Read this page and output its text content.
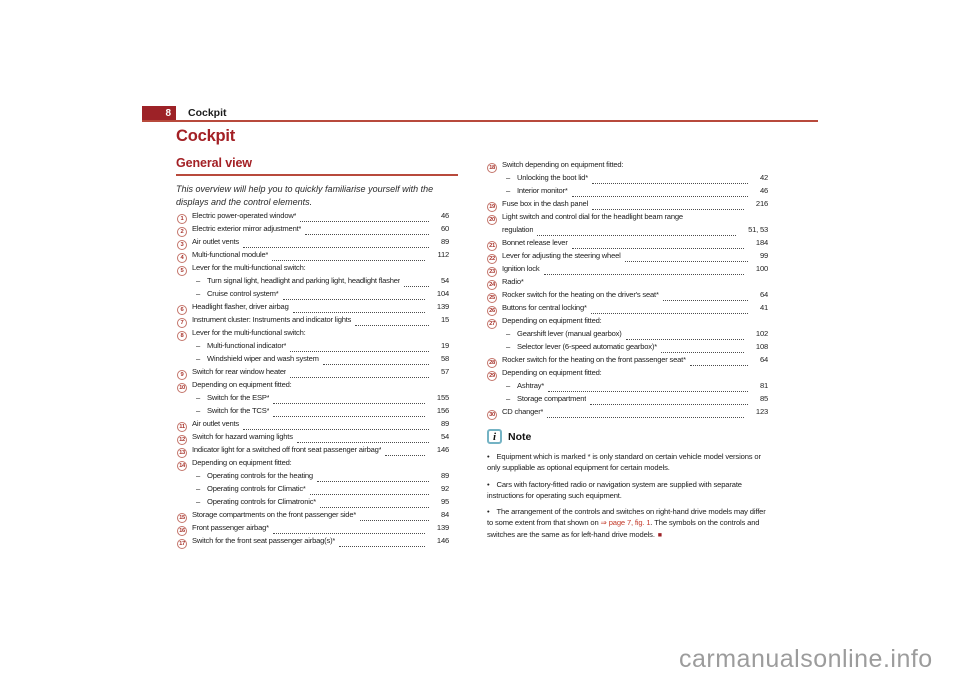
8	Cockpit
Cockpit
General view

This overview will help you to quickly familiarise yourself with the displays and the control elements.

1	Electric power-operated window*	46
2	Electric exterior mirror adjustment*	60
3	Air outlet vents	89
4	Multi-functional module*	112
5	Lever for the multi-functional switch:
– Turn signal light, headlight and parking light, headlight flasher	54
– Cruise control system*	104
6	Headlight flasher, driver airbag	139
7	Instrument cluster: Instruments and indicator lights	15
8	Lever for the multi-functional switch:
– Multi-functional indicator*	19
– Windshield wiper and wash system	58
9	Switch for rear window heater	57
10 Depending on equipment fitted:
– Switch for the ESP*	155
– Switch for the TCS*	156
11 Air outlet vents	89
12 Switch for hazard warning lights	54
13 Indicator light for a switched off front seat passenger airbag*	146
14 Depending on equipment fitted:
– Operating controls for the heating	89
– Operating controls for Climatic*	92
– Operating controls for Climatronic*	95
15 Storage compartments on the front passenger side*	84
16 Front passenger airbag*	139
17 Switch for the front seat passenger airbag(s)*	146
18 Switch depending on equipment fitted:
– Unlocking the boot lid*	42
– Interior monitor*	46
19 Fuse box in the dash panel	216
20 Light switch and control dial for the headlight beam range
regulation	51, 53
21 Bonnet release lever	184
22 Lever for adjusting the steering wheel	99
23 Ignition lock	100
24 Radio*
25 Rocker switch for the heating on the driver's seat*	64
26 Buttons for central locking*	41
27 Depending on equipment fitted:
– Gearshift lever (manual gearbox)	102
– Selector lever (6-speed automatic gearbox)*	108
28 Rocker switch for the heating on the front passenger seat*	64
29 Depending on equipment fitted:
– Ashtray*	81
– Storage compartment	85
30 CD changer*	123
i	Note

• Equipment which is marked * is only standard on certain vehicle model versions or only suppliable as optional equipment for certain models.

• Cars with factory-fitted radio or navigation system are supplied with separate instructions for operating such equipment.

• The arrangement of the controls and switches on right-hand drive models may differ to some extent from that shown on ⇒ page 7, fig. 1. The symbols on the controls and switches are the same as for left-hand drive models. ■

carmanualsonline.info
